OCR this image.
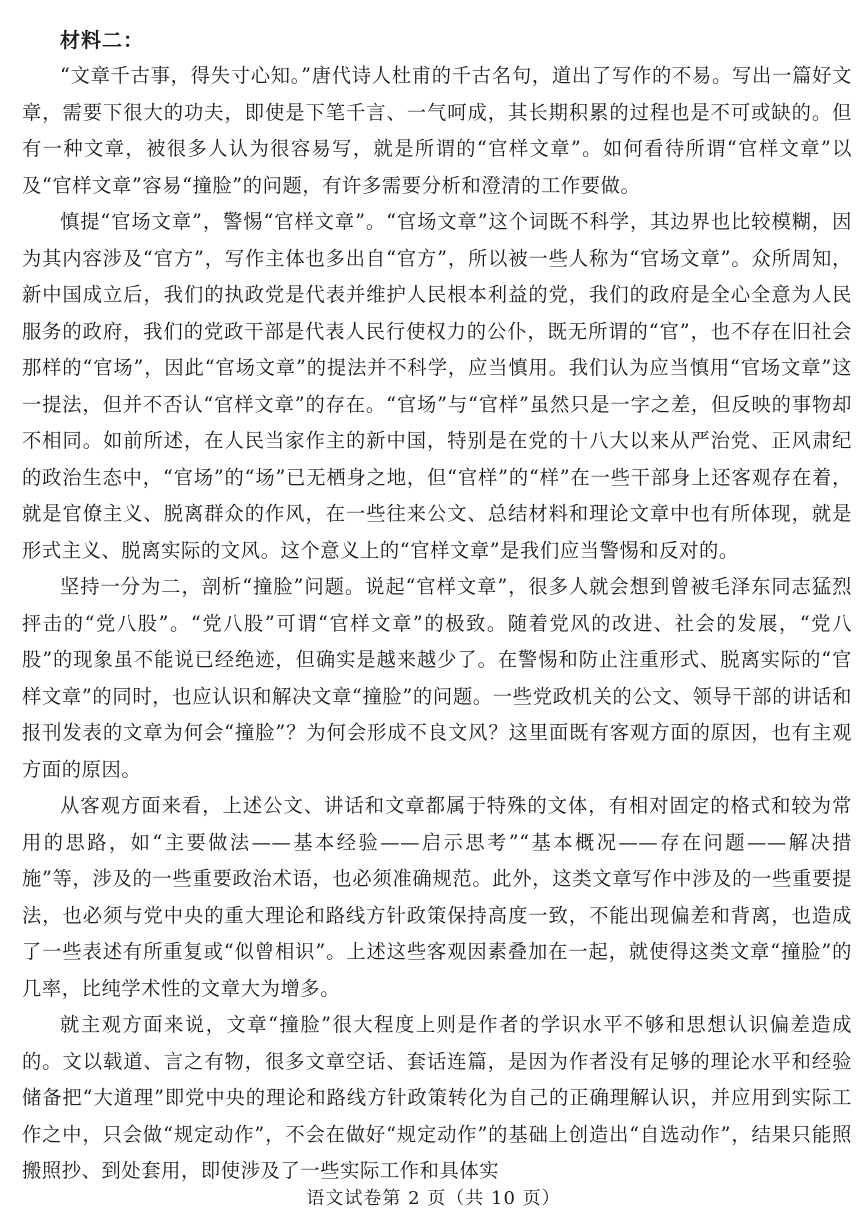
材料二：

“文章千古事，得失寸心知。”唐代诗人杜甫的千古名句，道出了写作的不易。写出一篇好文章，需要下很大的功夫，即使是下笔千言、一气呵成，其长期积累的过程也是不可或缺的。但有一种文章，被很多人认为很容易写，就是所谓的“官样文章”。如何看待所谓“官样文章”以及“官样文章”容易“撞脸”的问题，有许多需要分析和澄清的工作要做。

慎提“官场文章”，警惕“官样文章”。“官场文章”这个词既不科学，其边界也比较模糊，因为其内容涉及“官方”，写作主体也多出自“官方”，所以被一些人称为“官场文章”。众所周知，新中国成立后，我们的执政党是代表并维护人民根本利益的党，我们的政府是全心全意为人民服务的政府，我们的党政干部是代表人民行使权力的公仆，既无所谓的“官”，也不存在旧社会那样的“官场”，因此“官场文章”的提法并不科学，应当慎用。我们认为应当慎用“官场文章”这一提法，但并不否认“官样文章”的存在。“官场”与“官样”虽然只是一字之差，但反映的事物却不相同。如前所述，在人民当家作主的新中国，特别是在党的十八大以来从严治党、正风肃纪的政治生态中，“官场”的“场”已无栖身之地，但“官样”的“样”在一些干部身上还客观存在着，就是官僚主义、脱离群众的作风，在一些往来公文、总结材料和理论文章中也有所体现，就是形式主义、脱离实际的文风。这个意义上的“官样文章”是我们应当警惕和反对的。

坚持一分为二，剖析“撞脸”问题。说起“官样文章”，很多人就会想到曾被毛泽东同志猛烈抨击的“党八股”。“党八股”可谓“官样文章”的极致。随着党风的改进、社会的发展，“党八股”的现象虽不能说已经绝迹，但确实是越来越少了。在警惕和防止注重形式、脱离实际的“官样文章”的同时，也应认识和解决文章“撞脸”的问题。一些党政机关的公文、领导干部的讲话和报刊发表的文章为何会“撞脸”？为何会形成不良文风？这里面既有客观方面的原因，也有主观方面的原因。

从客观方面来看，上述公文、讲话和文章都属于特殊的文体，有相对固定的格式和较为常用的思路，如“主要做法——基本经验——启示思考”“基本概况——存在问题——解决措施”等，涉及的一些重要政治术语，也必须准确规范。此外，这类文章写作中涉及的一些重要提法，也必须与党中央的重大理论和路线方针政策保持高度一致，不能出现偏差和背离，也造成了一些表述有所重复或“似曾相识”。上述这些客观因素叠加在一起，就使得这类文章“撞脸”的几率，比纯学术性的文章大为增多。

就主观方面来说，文章“撞脸”很大程度上则是作者的学识水平不够和思想认识偏差造成的。文以载道、言之有物，很多文章空话、套话连篇，是因为作者没有足够的理论水平和经验储备把“大道理”即党中央的理论和路线方针政策转化为自己的正确理解认识，并应用到实际工作之中，只会做“规定动作”，不会在做好“规定动作”的基础上创造出“自选动作”，结果只能照搬照抄、到处套用，即使涉及了一些实际工作和具体实

语文试卷第 2 页（共 10 页）
